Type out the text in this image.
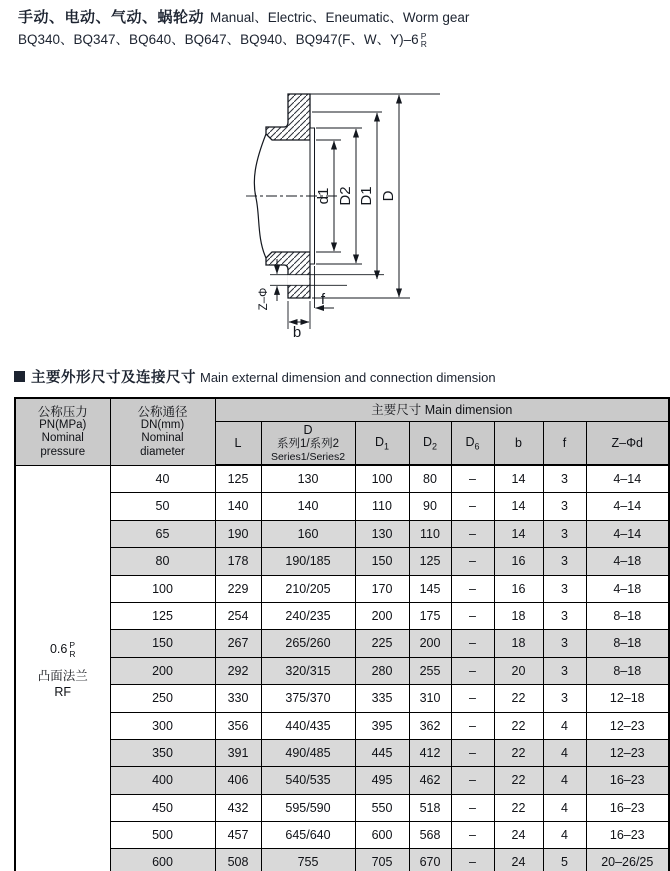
手动、电动、气动、蜗轮动 Manual、Electric、Eneumatic、Worm gear
BQ340、BQ347、BQ640、BQ647、BQ940、BQ947(F、W、Y)–6 P
R
d1 D2 D1 D
Z–Φ	f
b
主要外形尺寸及连接尺寸 Main external dimension and connection dimension
公称压力
PN(MPa)
Nominal
pressure

公称通径
DN(mm)
Nominal
diameter
	主要尺寸 Main dimension
		L	D
系列1/系列2
Series1/Series2	$D_1$	$D_2$	$D_6$	b	f	Z–Φd

0.6 P
R
凸面法兰
RF	40	125	130	100	80	–	14	3	4–14
	50	140	140	110	90	–	14	3	4–14
	65	190	160	130	110	–	14	3	4–14
	80	178	190/185	150	125	–	16	3	4–18
	100	229	210/205	170	145	–	16	3	4–18
	125	254	240/235	200	175	–	18	3	8–18
	150	267	265/260	225	200	–	18	3	8–18
	200	292	320/315	280	255	–	20	3	8–18
	250	330	375/370	335	310	–	22	3	12–18
	300	356	440/435	395	362	–	22	4	12–23
	350	391	490/485	445	412	–	22	4	12–23
	400	406	540/535	495	462	–	22	4	16–23
	450	432	595/590	550	518	–	22	4	16–23
	500	457	645/640	600	568	–	24	4	16–23
	600	508	755	705	670	–	24	5	20–26/25
